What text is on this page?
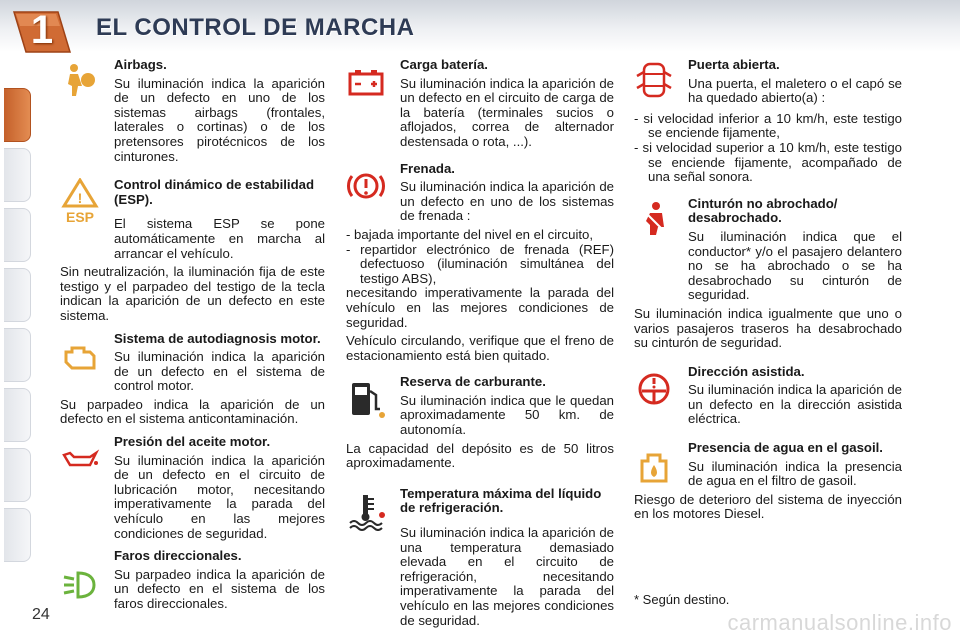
1	EL CONTROL DE MARCHA
Airbags.

Su iluminación indica la aparición de un defecto en uno de los sistemas airbags (frontales, laterales o cortinas) o de los pretensores pirotécnicos de los cinturones.

!
ESP
Control dinámico de estabilidad (ESP).

El sistema ESP se pone automáticamente en marcha al arrancar el vehículo.

Sin neutralización, la iluminación fija de este testigo y el parpadeo del testigo de la tecla indican la aparición de un defecto en este sistema.

Sistema de autodiagnosis motor.

Su iluminación indica la aparición de un defecto en el sistema de control motor.

Su parpadeo indica la aparición de un defecto en el sistema anticontaminación.

Presión del aceite motor.

Su iluminación indica la aparición de un defecto en el circuito de lubricación motor, necesitando imperativamente la parada del vehículo en las mejores condiciones de seguridad.

Faros direccionales.

Su parpadeo indica la aparición de un defecto en el sistema de los faros direccionales.

Carga batería.

Su iluminación indica la aparición de un defecto en el circuito de carga de la batería (terminales sucios o aflojados, correa de alternador destensada o rota, ...).

Frenada.

Su iluminación indica la aparición de un defecto en uno de los sistemas de frenada :

- bajada importante del nivel en el circuito,

- repartidor electrónico de frenada (REF) defectuoso (iluminación simultánea del testigo ABS),

necesitando imperativamente la parada del vehículo en las mejores condiciones de seguridad.

Vehículo circulando, verifique que el freno de estacionamiento está bien quitado.

Reserva de carburante.

Su iluminación indica que le quedan aproximadamente 50 km. de autonomía.

La capacidad del depósito es de 50 litros aproximadamente.

Temperatura máxima del líquido de refrigeración.

Su iluminación indica la aparición de una temperatura demasiado elevada en el circuito de refrigeración, necesitando imperativamente la parada del vehículo en las mejores condiciones de seguridad.

Puerta abierta.

Una puerta, el maletero o el capó se ha quedado abierto(a) :

- si velocidad inferior a 10 km/h, este testigo se enciende fijamente,

- si velocidad superior a 10 km/h, este testigo se enciende fijamente, acompañado de una señal sonora.

Cinturón no abrochado/ desabrochado.

Su iluminación indica que el conductor* y/o el pasajero delantero no se ha abrochado o se ha desabrochado su cinturón de seguridad.

Su iluminación indica igualmente que uno o varios pasajeros traseros ha desabrochado su cinturón de seguridad.

Dirección asistida.

Su iluminación indica la aparición de un defecto en la dirección asistida eléctrica.

Presencia de agua en el gasoil.

Su iluminación indica la presencia de agua en el filtro de gasoil.

Riesgo de deterioro del sistema de inyección en los motores Diesel.

* Según destino.
24	carmanualsonline.info
